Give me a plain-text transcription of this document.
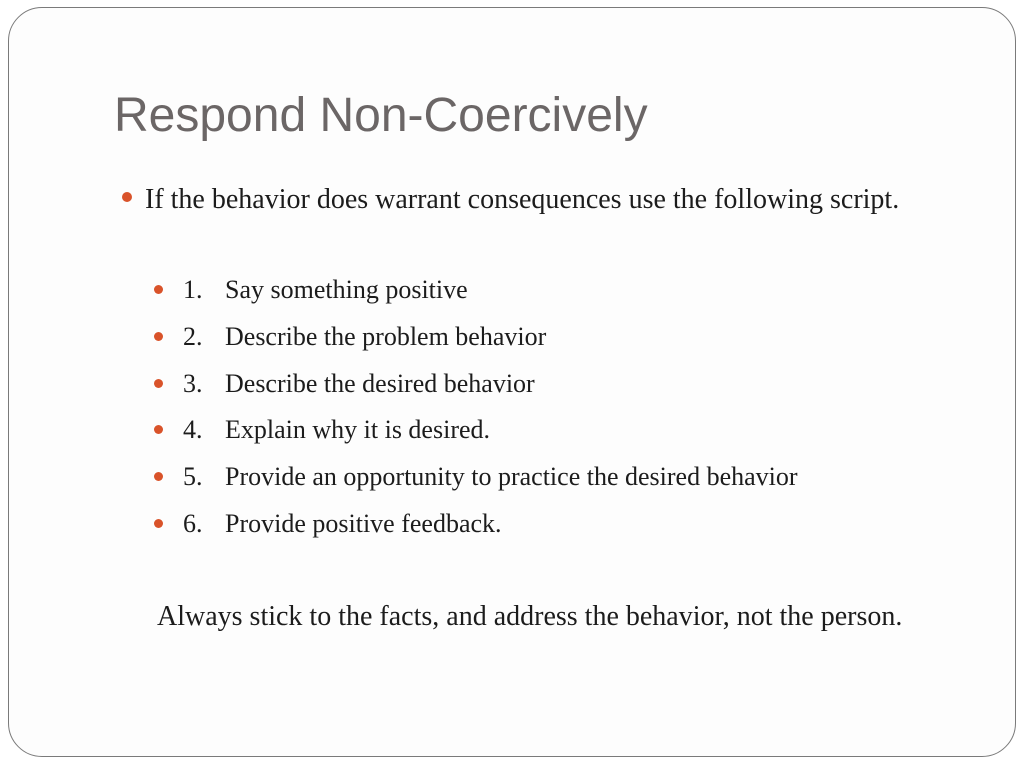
Respond Non-Coercively
If the behavior does warrant consequences use the following script.
1. Say something positive
2. Describe the problem behavior
3. Describe the desired behavior
4. Explain why it is desired.
5. Provide an opportunity to practice the desired behavior
6. Provide positive feedback.

Always stick to the facts, and address the behavior, not the person.
